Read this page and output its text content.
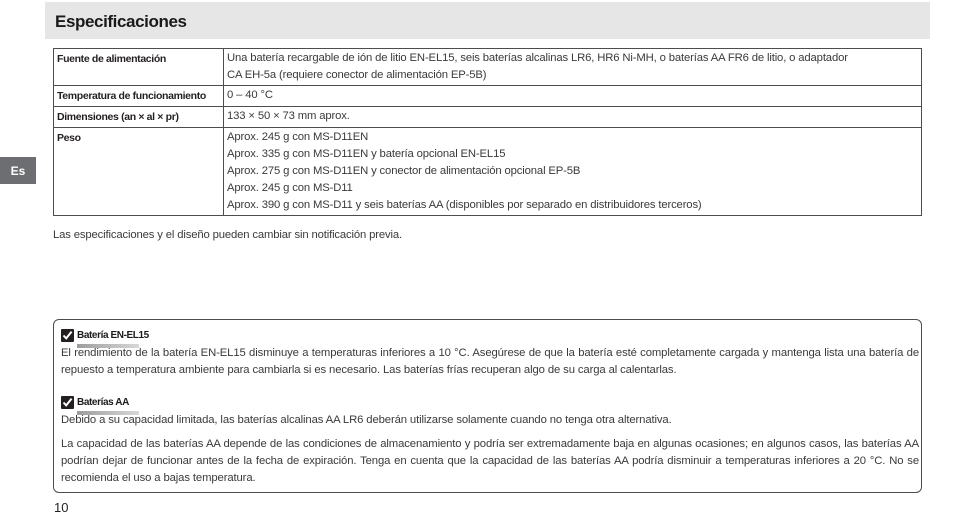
Especificaciones
Es
Fuente de alimentación	Una batería recargable de ión de litio EN-EL15, seis baterías alcalinas LR6, HR6 Ni-MH, o baterías AA FR6 de litio, o adaptador
CA EH-5a (requiere conector de alimentación EP-5B)

Temperatura de funcionamiento	0 – 40 °C

Dimensiones (an × al × pr)	133 × 50 × 73 mm aprox.

Peso	Aprox. 245 g con MS-D11EN
Aprox. 335 g con MS-D11EN y batería opcional EN-EL15
Aprox. 275 g con MS-D11EN y conector de alimentación opcional EP-5B
Aprox. 245 g con MS-D11
Aprox. 390 g con MS-D11 y seis baterías AA (disponibles por separado en distribuidores terceros)
Las especificaciones y el diseño pueden cambiar sin notificación previa.
Batería EN-EL15
El rendimiento de la batería EN-EL15 disminuye a temperaturas inferiores a 10 °C. Asegúrese de que la batería esté completamente cargada y mantenga lista una batería de repuesto a temperatura ambiente para cambiarla si es necesario. Las baterías frías recuperan algo de su carga al calentarlas.
Baterías AA
Debido a su capacidad limitada, las baterías alcalinas AA LR6 deberán utilizarse solamente cuando no tenga otra alternativa.
La capacidad de las baterías AA depende de las condiciones de almacenamiento y podría ser extremadamente baja en algunas ocasiones; en algunos casos, las baterías AA podrían dejar de funcionar antes de la fecha de expiración. Tenga en cuenta que la capacidad de las baterías AA podría disminuir a temperaturas inferiores a 20 °C. No se recomienda el uso a bajas temperatura.
10
